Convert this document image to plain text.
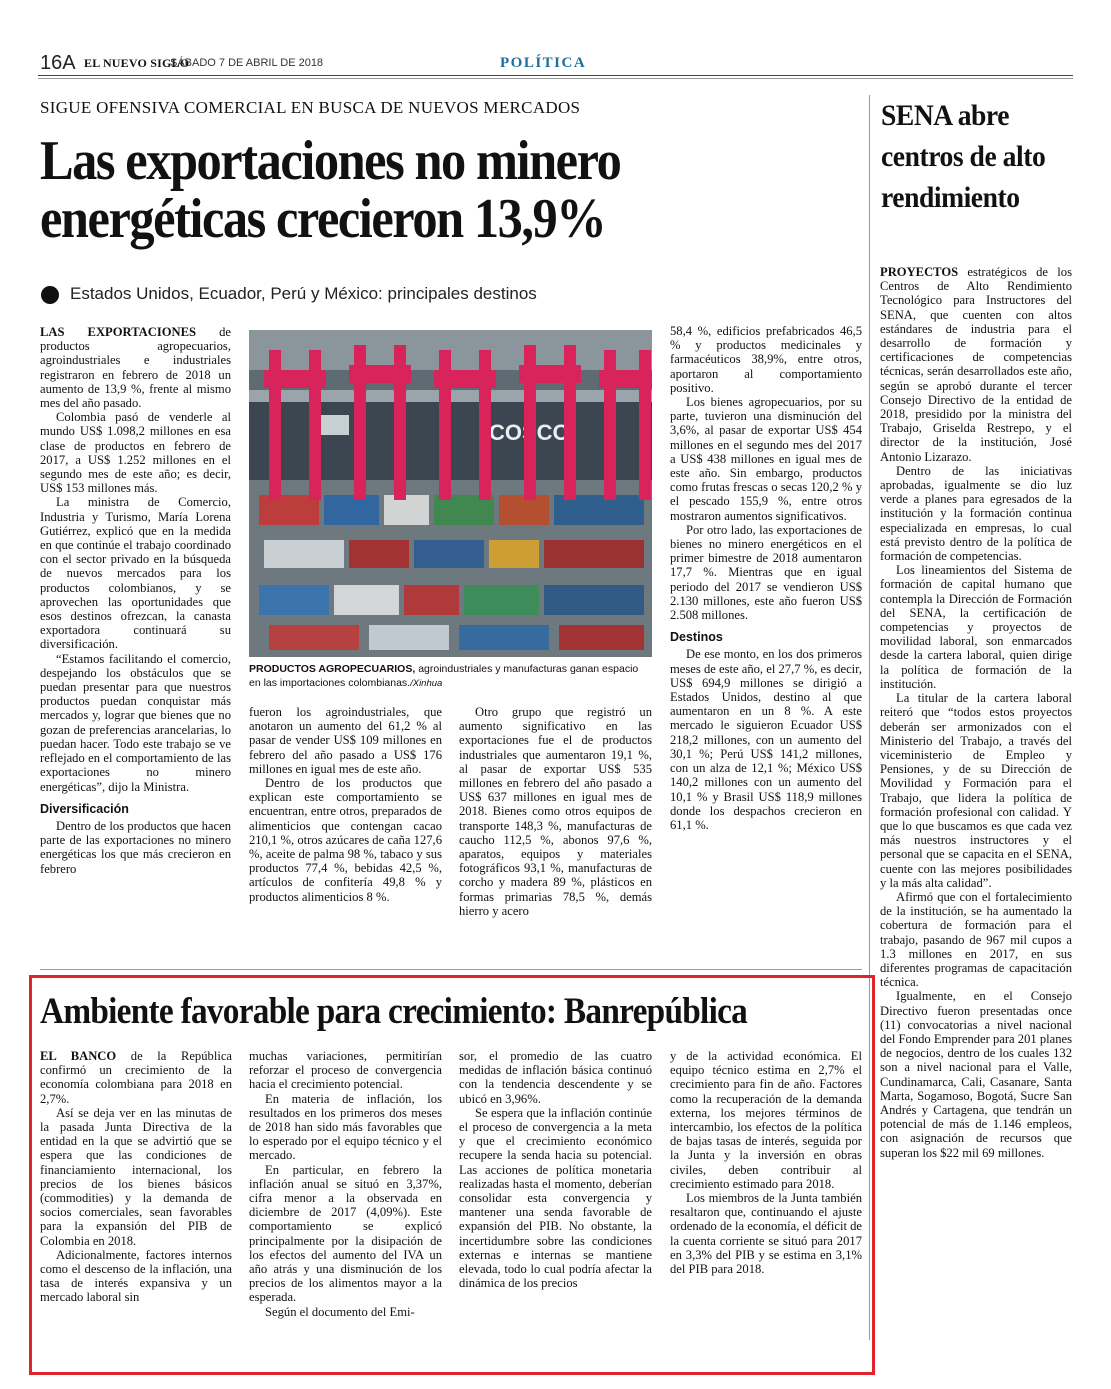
16A EL NUEVO SIGLO
SÁBADO 7 DE ABRIL DE 2018	POLÍTICA
SIGUE OFENSIVA COMERCIAL EN BUSCA DE NUEVOS MERCADOS
Las exportaciones no minero energéticas crecieron 13,9%
Estados Unidos, Ecuador, Perú y México: principales destinos

LAS EXPORTACIONES de productos agropecuarios, agroindustriales e industriales registraron en febrero de 2018 un aumento de 13,9 %, frente al mismo mes del año pasado.

Colombia pasó de venderle al mundo US$ 1.098,2 millones en esa clase de productos en febrero de 2017, a US$ 1.252 millones en el segundo mes de este año; es decir, US$ 153 millones más.

La ministra de Comercio, Industria y Turismo, María Lorena Gutiérrez, explicó que en la medida en que continúe el trabajo coordinado con el sector privado en la búsqueda de nuevos mercados para los productos colombianos, y se aprovechen las oportunidades que esos destinos ofrezcan, la canasta exportadora continuará su diversificación.

“Estamos facilitando el comercio, despejando los obstáculos que se puedan presentar para que nuestros productos puedan conquistar más mercados y, lograr que bienes que no gozan de preferencias arancelarias, lo puedan hacer. Todo este trabajo se ve reflejado en el comportamiento de las exportaciones no minero energéticas”, dijo la Ministra.

Diversificación

Dentro de los productos que hacen parte de las exportaciones no minero energéticas los que más crecieron en febrero

PRODUCTOS AGROPECUARIOS, agroindustriales y manufacturas ganan espacio en las importaciones colombianas./Xinhua

fueron los agroindustriales, que anotaron un aumento del 61,2 % al pasar de vender US$ 109 millones en febrero del año pasado a US$ 176 millones en igual mes de este año.

Dentro de los productos que explican este comportamiento se encuentran, entre otros, preparados de alimenticios que contengan cacao 210,1 %, otros azúcares de caña 127,6 %, aceite de palma 98 %, tabaco y sus productos 77,4 %, bebidas 42,5 %, artículos de confitería 49,8 % y productos alimenticios 8 %.

Otro grupo que registró un aumento significativo en las exportaciones fue el de productos industriales que aumentaron 19,1 %, al pasar de exportar US$ 535 millones en febrero del año pasado a US$ 637 millones en igual mes de 2018. Bienes como otros equipos de transporte 148,3 %, manufacturas de caucho 112,5 %, abonos 97,6 %, aparatos, equipos y materiales fotográficos 93,1 %, manufacturas de corcho y madera 89 %, plásticos en formas primarias 78,5 %, demás hierro y acero

58,4 %, edificios prefabricados 46,5 % y productos medicinales y farmacéuticos 38,9%, entre otros, aportaron al comportamiento positivo.

Los bienes agropecuarios, por su parte, tuvieron una disminución del 3,6%, al pasar de exportar US$ 454 millones en el segundo mes del 2017 a US$ 438 millones en igual mes de este año. Sin embargo, productos como frutas frescas o secas 120,2 % y el pescado 155,9 %, entre otros mostraron aumentos significativos.

Por otro lado, las exportaciones de bienes no minero energéticos en el primer bimestre de 2018 aumentaron 17,7 %. Mientras que en igual periodo del 2017 se vendieron US$ 2.130 millones, este año fueron US$ 2.508 millones.

Destinos

De ese monto, en los dos primeros meses de este año, el 27,7 %, es decir, US$ 694,9 millones se dirigió a Estados Unidos, destino al que aumentaron en un 8 %. A este mercado le siguieron Ecuador US$ 218,2 millones, con un aumento del 30,1 %; Perú US$ 141,2 millones, con un alza de 12,1 %; México US$ 140,2 millones con un aumento del 10,1 % y Brasil US$ 118,9 millones donde los despachos crecieron en 61,1 %.

SENA abre centros de alto rendimiento

PROYECTOS estratégicos de los Centros de Alto Rendimiento Tecnológico para Instructores del SENA, que cuenten con altos estándares de industria para el desarrollo de formación y certificaciones de competencias técnicas, serán desarrollados este año, según se aprobó durante el tercer Consejo Directivo de la entidad de 2018, presidido por la ministra del Trabajo, Griselda Restrepo, y el director de la institución, José Antonio Lizarazo.

Dentro de las iniciativas aprobadas, igualmente se dio luz verde a planes para egresados de la institución y la formación continua especializada en empresas, lo cual está previsto dentro de la política de formación de competencias.

Los lineamientos del Sistema de formación de capital humano que contempla la Dirección de Formación del SENA, la certificación de competencias y proyectos de movilidad laboral, son enmarcados desde la cartera laboral, quien dirige la política de formación de la institución.

La titular de la cartera laboral reiteró que “todos estos proyectos deberán ser armonizados con el Ministerio del Trabajo, a través del viceministerio de Empleo y Pensiones, y de su Dirección de Movilidad y Formación para el Trabajo, que lidera la política de formación profesional con calidad. Y que lo que buscamos es que cada vez más nuestros instructores y el personal que se capacita en el SENA, cuente con las mejores posibilidades y la más alta calidad”.

Afirmó que con el fortalecimiento de la institución, se ha aumentado la cobertura de formación para el trabajo, pasando de 967 mil cupos a 1.3 millones en 2017, en sus diferentes programas de capacitación técnica.

Igualmente, en el Consejo Directivo fueron presentadas once (11) convocatorias a nivel nacional del Fondo Emprender para 201 planes de negocios, dentro de los cuales 132 son a nivel nacional para el Valle, Cundinamarca, Cali, Casanare, Santa Marta, Sogamoso, Bogotá, Sucre San Andrés y Cartagena, que tendrán un potencial de más de 1.146 empleos, con asignación de recursos que superan los $22 mil 69 millones.

Ambiente favorable para crecimiento: Banrepública

EL BANCO de la República confirmó un crecimiento de la economía colombiana para 2018 en 2,7%.

Así se deja ver en las minutas de la pasada Junta Directiva de la entidad en la que se advirtió que se espera que las condiciones de financiamiento internacional, los precios de los bienes básicos (commodities) y la demanda de socios comerciales, sean favorables para la expansión del PIB de Colombia en 2018.

Adicionalmente, factores internos como el descenso de la inflación, una tasa de interés expansiva y un mercado laboral sin

muchas variaciones, permitirían reforzar el proceso de convergencia hacia el crecimiento potencial.

En materia de inflación, los resultados en los primeros dos meses de 2018 han sido más favorables que lo esperado por el equipo técnico y el mercado.

En particular, en febrero la inflación anual se situó en 3,37%, cifra menor a la observada en diciembre de 2017 (4,09%). Este comportamiento se explicó principalmente por la disipación de los efectos del aumento del IVA un año atrás y una disminución de los precios de los alimentos mayor a la esperada.

Según el documento del Emi-

sor, el promedio de las cuatro medidas de inflación básica continuó con la tendencia descendente y se ubicó en 3,96%.

Se espera que la inflación continúe el proceso de convergencia a la meta y que el crecimiento económico recupere la senda hacia su potencial. Las acciones de política monetaria realizadas hasta el momento, deberían consolidar esta convergencia y mantener una senda favorable de expansión del PIB. No obstante, la incertidumbre sobre las condiciones externas e internas se mantiene elevada, todo lo cual podría afectar la dinámica de los precios

y de la actividad económica. El equipo técnico estima en 2,7% el crecimiento para fin de año. Factores como la recuperación de la demanda externa, los mejores términos de intercambio, los efectos de la política de bajas tasas de interés, seguida por la Junta y la inversión en obras civiles, deben contribuir al crecimiento estimado para 2018.

Los miembros de la Junta también resaltaron que, continuando el ajuste ordenado de la economía, el déficit de la cuenta corriente se situó para 2017 en 3,3% del PIB y se estima en 3,1% del PIB para 2018.
